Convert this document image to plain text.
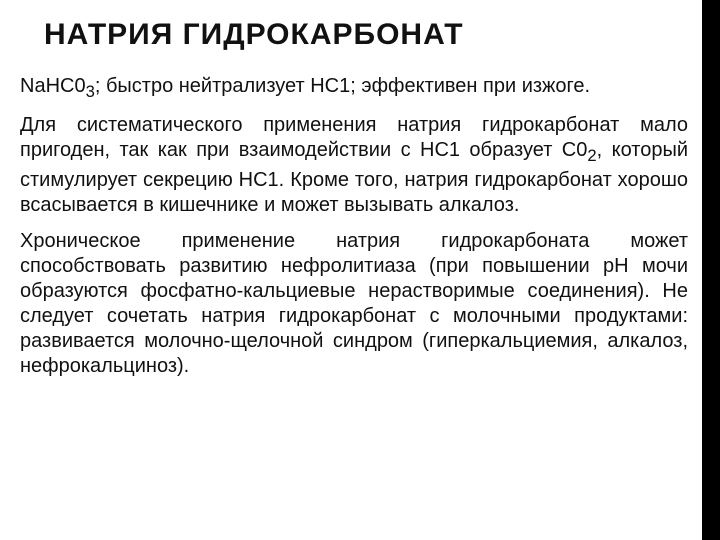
НАТРИЯ ГИДРОКАРБОНАТ

$NaHC0_3$; быстро нейтрализует НС1; эффективен при изжоге.

Для систематического применения натрия гидрокарбонат мало пригоден, так как при взаимодействии с НС1 образует $С0_2$, который стимулирует секрецию НС1. Кроме того, натрия гидрокарбонат хорошо всасывается в кишечнике и может вызывать алкалоз.

Хроническое применение натрия гидрокарбоната может способствовать развитию нефролитиаза (при повышении рН мочи образуются фосфатно-кальциевые нерастворимые соединения). Не следует сочетать натрия гидрокарбонат с молочными продуктами: развивается молочно-щелочной синдром (гиперкальциемия, алкалоз, нефрокальциноз).
